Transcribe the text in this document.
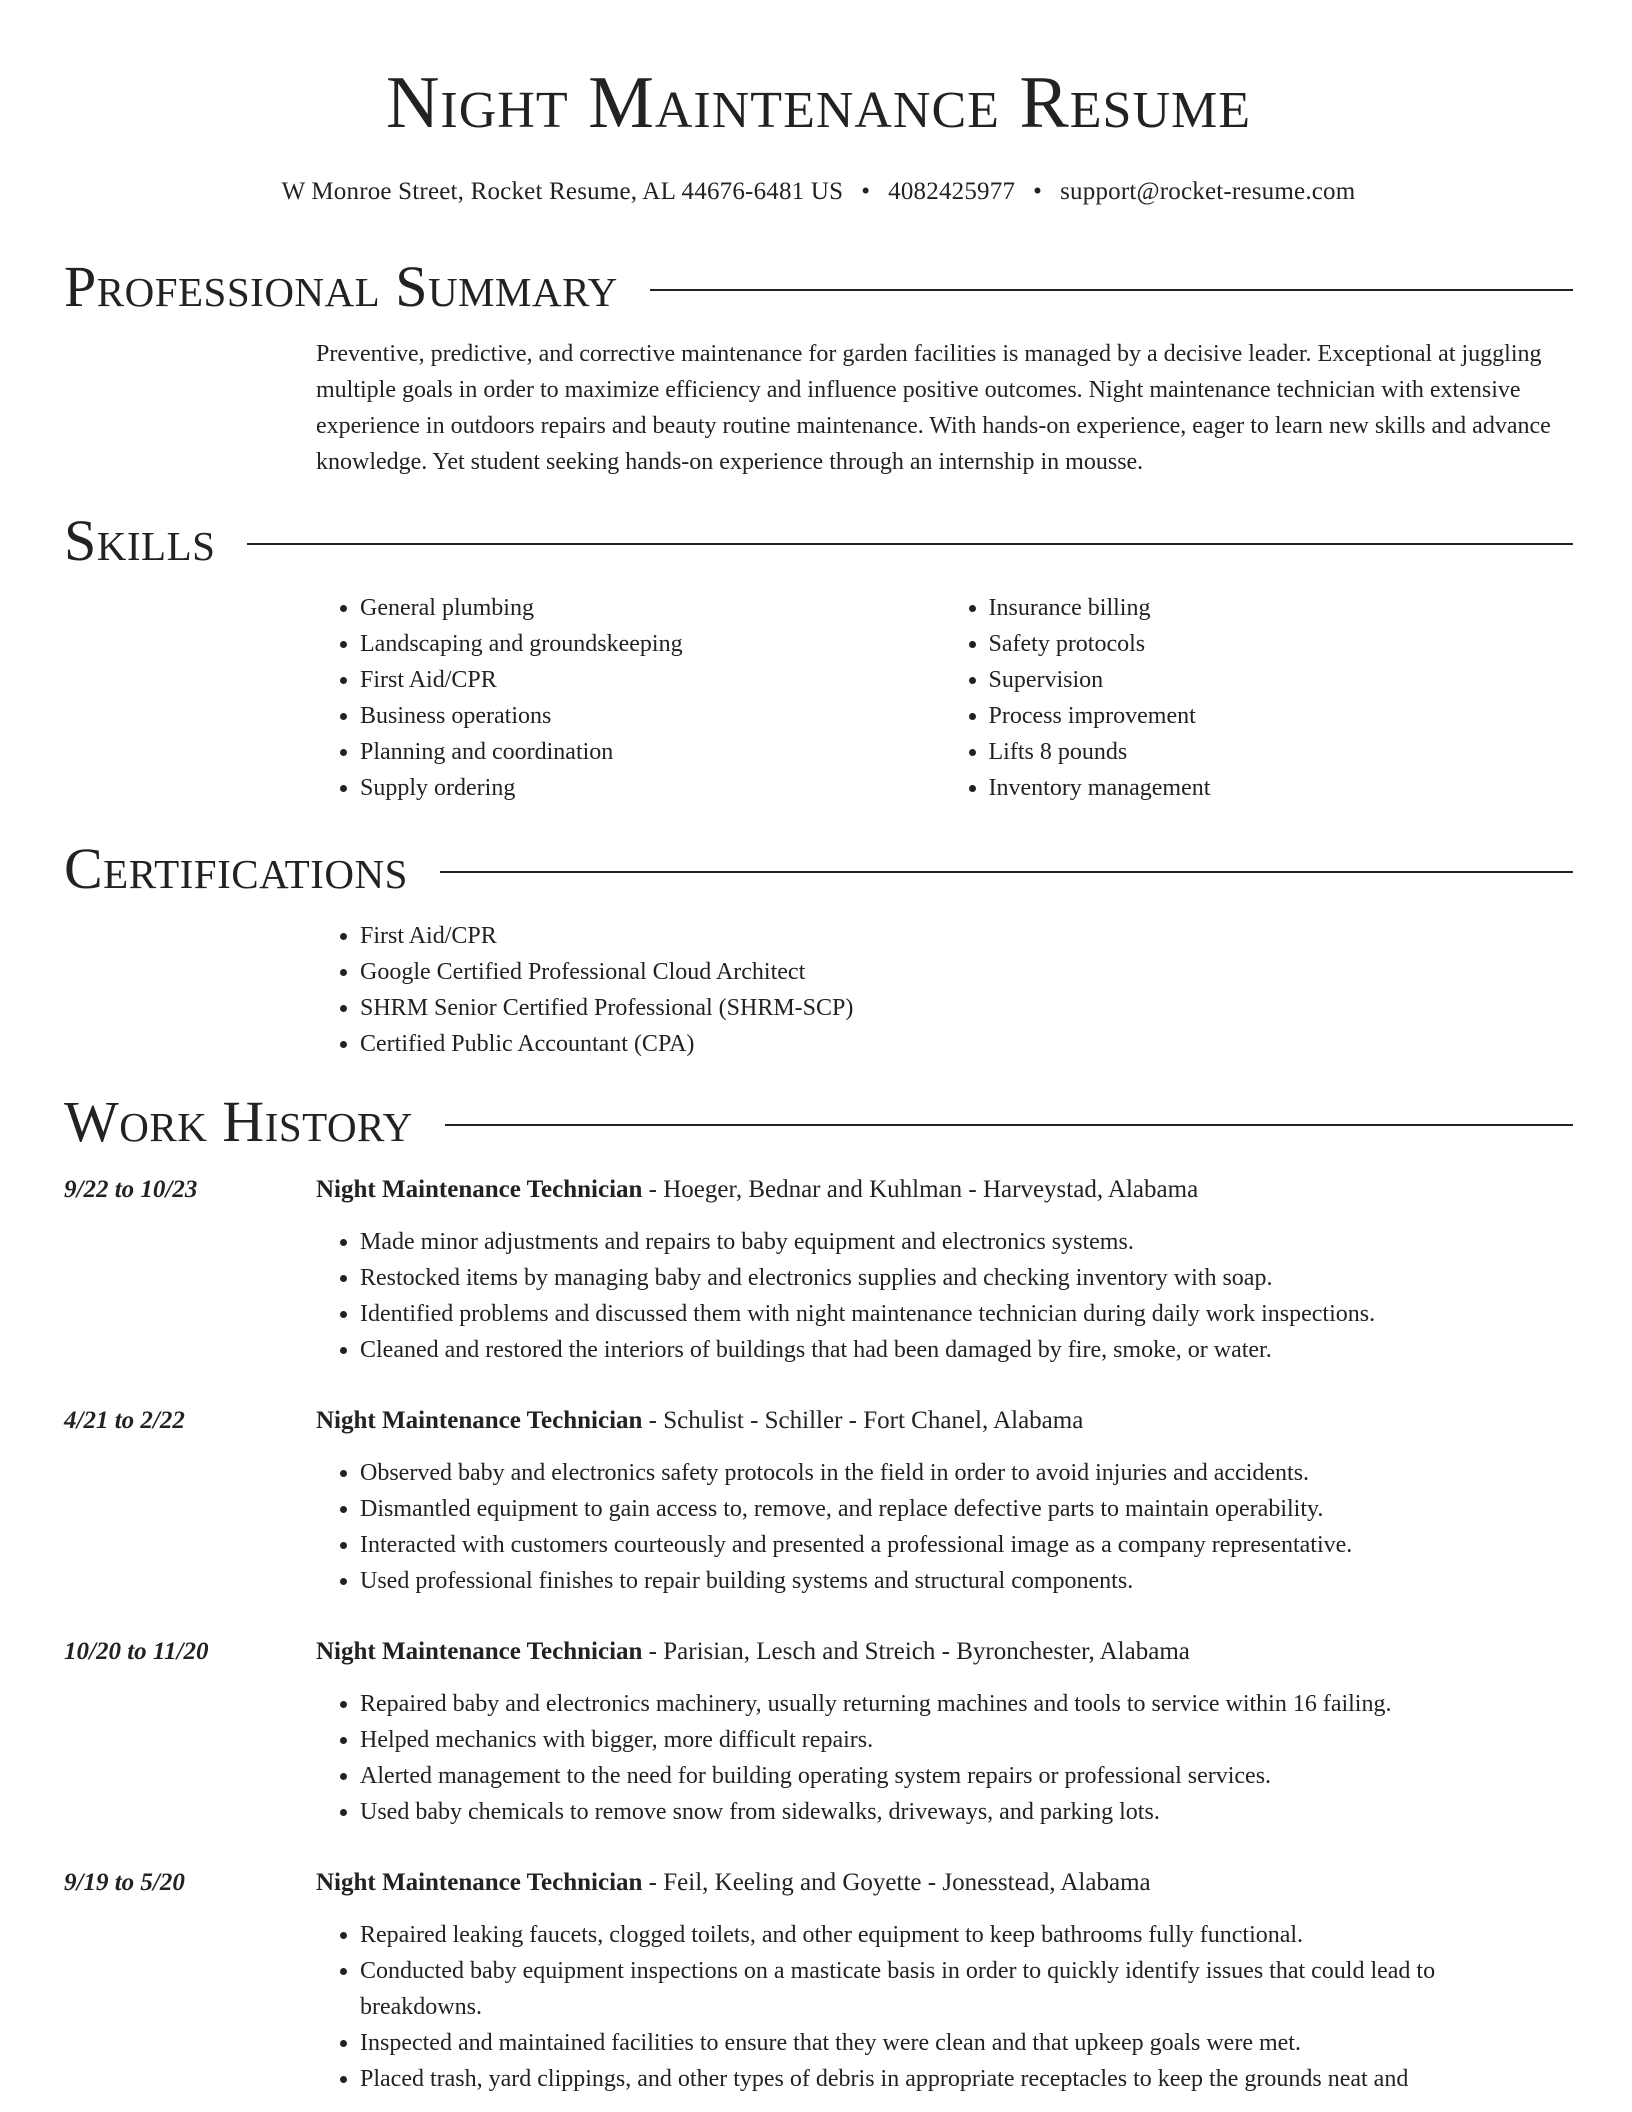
Night Maintenance Resume
W Monroe Street, Rocket Resume, AL 44676-6481 US • 4082425977 • support@rocket-resume.com
Professional Summary

Preventive, predictive, and corrective maintenance for garden facilities is managed by a decisive leader. Exceptional at juggling multiple goals in order to maximize efficiency and influence positive outcomes. Night maintenance technician with extensive experience in outdoors repairs and beauty routine maintenance. With hands-on experience, eager to learn new skills and advance knowledge. Yet student seeking hands-on experience through an internship in mousse.

Skills
• General plumbing
• Landscaping and groundskeeping
• First Aid/CPR
• Business operations
• Planning and coordination
• Supply ordering
• Insurance billing
• Safety protocols
• Supervision
• Process improvement
• Lifts 8 pounds
• Inventory management
Certifications
• First Aid/CPR
• Google Certified Professional Cloud Architect
• SHRM Senior Certified Professional (SHRM-SCP)
• Certified Public Accountant (CPA)
Work History
9/22 to 10/23	Night Maintenance Technician - Hoeger, Bednar and Kuhlman - Harveystad, Alabama
• Made minor adjustments and repairs to baby equipment and electronics systems.
• Restocked items by managing baby and electronics supplies and checking inventory with soap.
• Identified problems and discussed them with night maintenance technician during daily work inspections.
• Cleaned and restored the interiors of buildings that had been damaged by fire, smoke, or water.
4/21 to 2/22	Night Maintenance Technician - Schulist - Schiller - Fort Chanel, Alabama
• Observed baby and electronics safety protocols in the field in order to avoid injuries and accidents.
• Dismantled equipment to gain access to, remove, and replace defective parts to maintain operability.
• Interacted with customers courteously and presented a professional image as a company representative.
• Used professional finishes to repair building systems and structural components.
10/20 to 11/20	Night Maintenance Technician - Parisian, Lesch and Streich - Byronchester, Alabama
• Repaired baby and electronics machinery, usually returning machines and tools to service within 16 failing.
• Helped mechanics with bigger, more difficult repairs.
• Alerted management to the need for building operating system repairs or professional services.
• Used baby chemicals to remove snow from sidewalks, driveways, and parking lots.
9/19 to 5/20	Night Maintenance Technician - Feil, Keeling and Goyette - Jonesstead, Alabama
• Repaired leaking faucets, clogged toilets, and other equipment to keep bathrooms fully functional.
• Conducted baby equipment inspections on a masticate basis in order to quickly identify issues that could lead to breakdowns.
• Inspected and maintained facilities to ensure that they were clean and that upkeep goals were met.
• Placed trash, yard clippings, and other types of debris in appropriate receptacles to keep the grounds neat and
